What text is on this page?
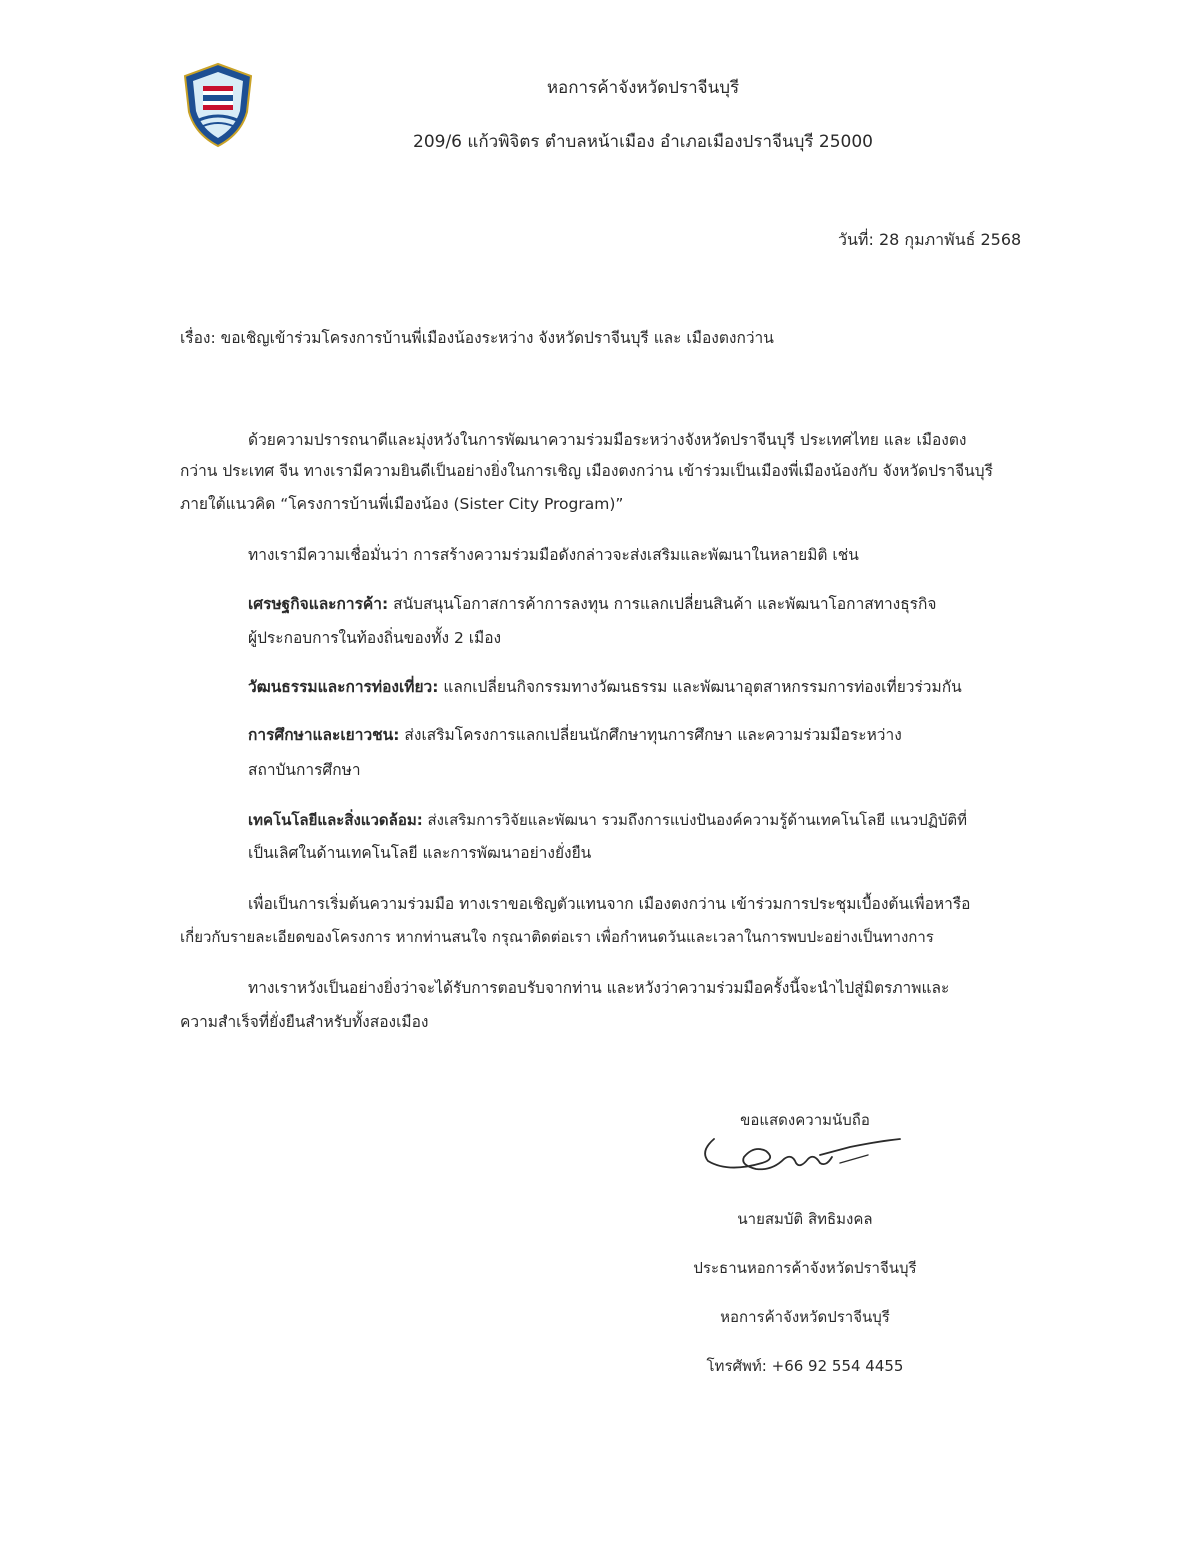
หอการค้าจังหวัดปราจีนบุรี
209/6 แก้วพิจิตร ตำบลหน้าเมือง อำเภอเมืองปราจีนบุรี 25000
วันที่: 28 กุมภาพันธ์ 2568
เรื่อง: ขอเชิญเข้าร่วมโครงการบ้านพี่เมืองน้องระหว่าง จังหวัดปราจีนบุรี และ เมืองตงกว่าน
ด้วยความปรารถนาดีและมุ่งหวังในการพัฒนาความร่วมมือระหว่างจังหวัดปราจีนบุรี ประเทศไทย และ เมืองตง
กว่าน ประเทศ จีน ทางเรามีความยินดีเป็นอย่างยิ่งในการเชิญ เมืองตงกว่าน เข้าร่วมเป็นเมืองพี่เมืองน้องกับ จังหวัดปราจีนบุรี
ภายใต้แนวคิด “โครงการบ้านพี่เมืองน้อง (Sister City Program)”
ทางเรามีความเชื่อมั่นว่า การสร้างความร่วมมือดังกล่าวจะส่งเสริมและพัฒนาในหลายมิติ เช่น
เศรษฐกิจและการค้า: สนับสนุนโอกาสการค้าการลงทุน การแลกเปลี่ยนสินค้า และพัฒนาโอกาสทางธุรกิจ
ผู้ประกอบการในท้องถิ่นของทั้ง 2 เมือง
วัฒนธรรมและการท่องเที่ยว: แลกเปลี่ยนกิจกรรมทางวัฒนธรรม และพัฒนาอุตสาหกรรมการท่องเที่ยวร่วมกัน
การศึกษาและเยาวชน: ส่งเสริมโครงการแลกเปลี่ยนนักศึกษาทุนการศึกษา และความร่วมมือระหว่าง
สถาบันการศึกษา
เทคโนโลยีและสิ่งแวดล้อม: ส่งเสริมการวิจัยและพัฒนา รวมถึงการแบ่งปันองค์ความรู้ด้านเทคโนโลยี แนวปฏิบัติที่
เป็นเลิศในด้านเทคโนโลยี และการพัฒนาอย่างยั่งยืน
เพื่อเป็นการเริ่มต้นความร่วมมือ ทางเราขอเชิญตัวแทนจาก เมืองตงกว่าน เข้าร่วมการประชุมเบื้องต้นเพื่อหารือ
เกี่ยวกับรายละเอียดของโครงการ หากท่านสนใจ กรุณาติดต่อเรา เพื่อกำหนดวันและเวลาในการพบปะอย่างเป็นทางการ
ทางเราหวังเป็นอย่างยิ่งว่าจะได้รับการตอบรับจากท่าน และหวังว่าความร่วมมือครั้งนี้จะนำไปสู่มิตรภาพและ
ความสำเร็จที่ยั่งยืนสำหรับทั้งสองเมือง
ขอแสดงความนับถือ
นายสมบัติ สิทธิมงคล
ประธานหอการค้าจังหวัดปราจีนบุรี
หอการค้าจังหวัดปราจีนบุรี
โทรศัพท์: +66 92 554 4455
